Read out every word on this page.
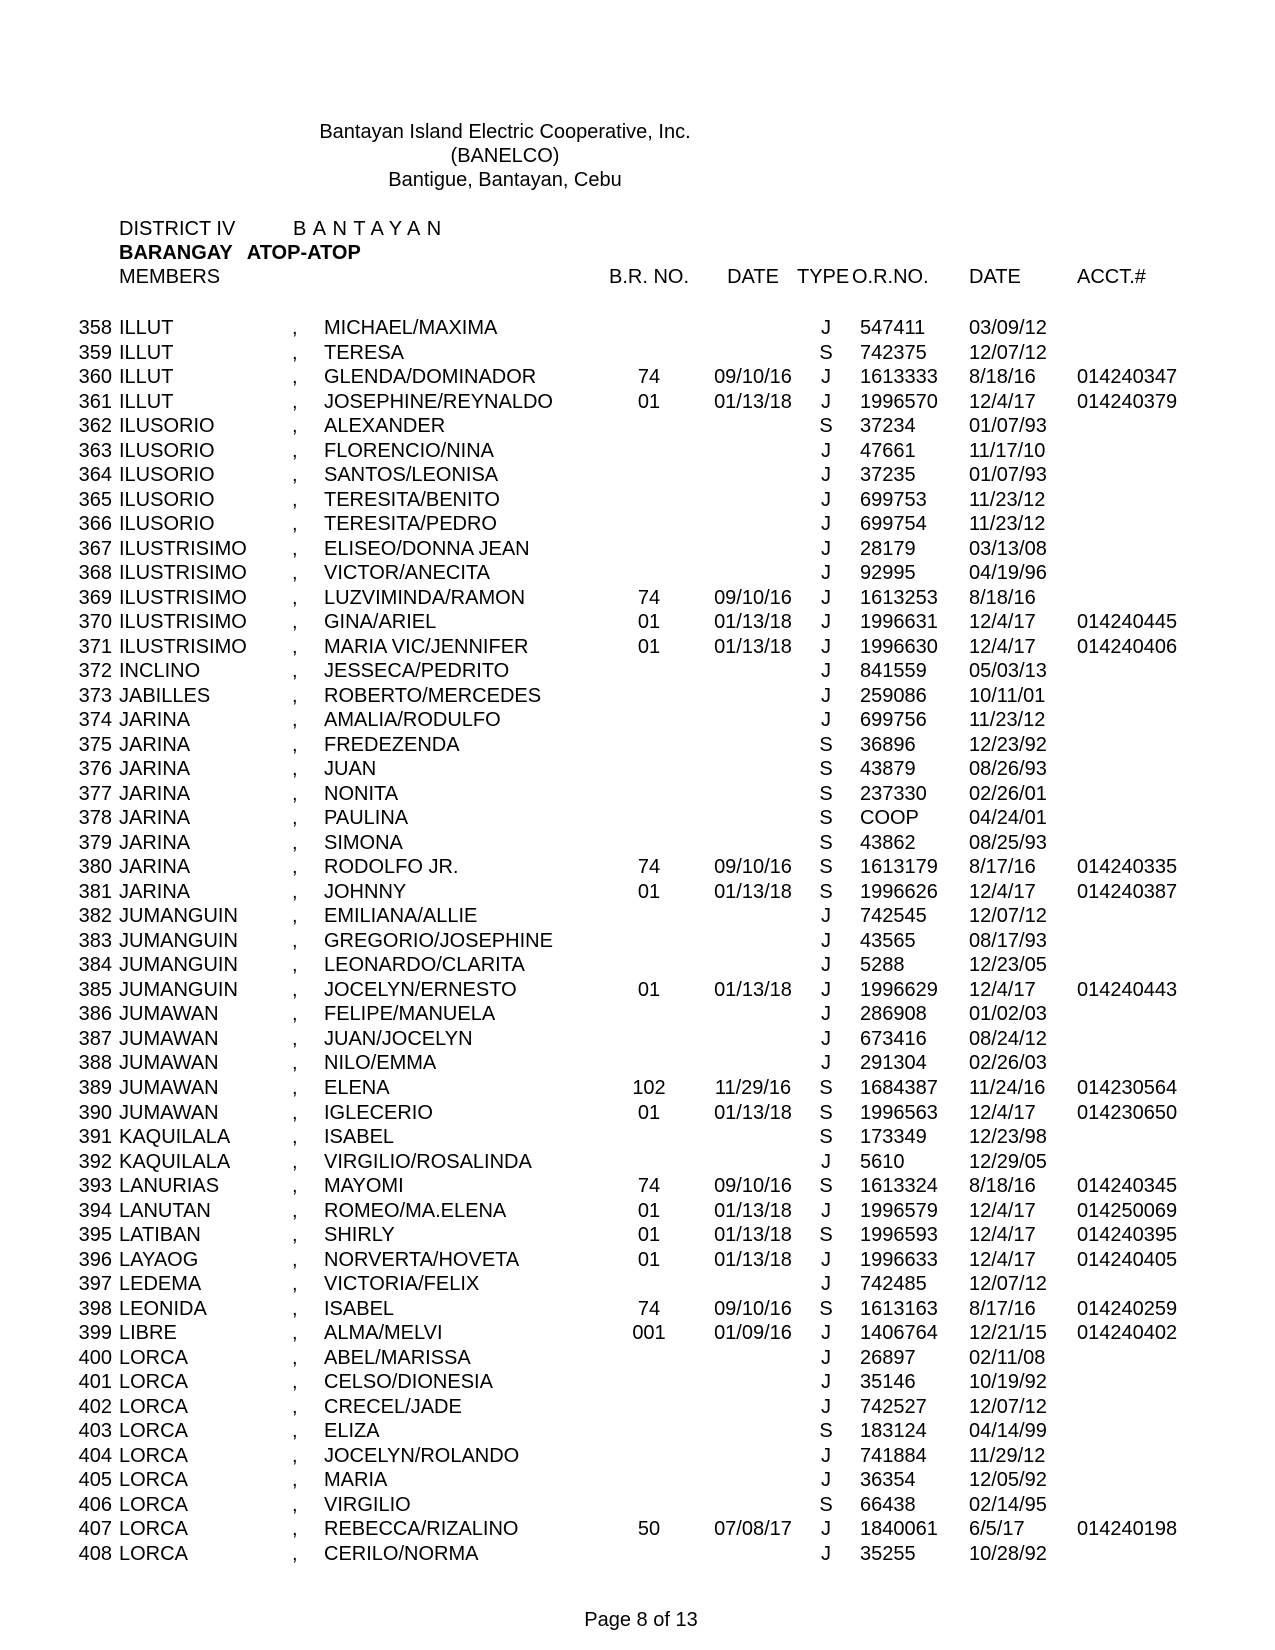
Bantayan Island Electric Cooperative, Inc.
(BANELCO)
Bantigue, Bantayan, Cebu
DISTRICT IV	BANTAYAN
BARANGAY ATOP-ATOP
MEMBERS	B.R. NO.	DATE TYPE O.R.NO. DATE	ACCT.#
358 ILLUT	, MICHAEL/MAXIMA	J	547411 03/09/12
359 ILLUT	, TERESA	S	742375 12/07/12
360 ILLUT	, GLENDA/DOMINADOR	74	09/10/16	J	1613333 8/18/16 014240347
361 ILLUT	, JOSEPHINE/REYNALDO	01	01/13/18	J	1996570 12/4/17 014240379
362 ILUSORIO	, ALEXANDER	S	37234	01/07/93
363 ILUSORIO	, FLORENCIO/NINA	J	47661	11/17/10
364 ILUSORIO	, SANTOS/LEONISA	J	37235	01/07/93
365 ILUSORIO	, TERESITA/BENITO	J	699753 11/23/12
366 ILUSORIO	, TERESITA/PEDRO	J	699754 11/23/12
367 ILUSTRISIMO , ELISEO/DONNA JEAN	J	28179	03/13/08
368 ILUSTRISIMO , VICTOR/ANECITA	J	92995	04/19/96
369 ILUSTRISIMO , LUZVIMINDA/RAMON	74	09/10/16	J	1613253 8/18/16
370 ILUSTRISIMO , GINA/ARIEL	01	01/13/18	J	1996631 12/4/17 014240445
371 ILUSTRISIMO , MARIA VIC/JENNIFER	01	01/13/18	J	1996630 12/4/17 014240406
372 INCLINO	, JESSECA/PEDRITO	J	841559 05/03/13
373 JABILLES	, ROBERTO/MERCEDES	J	259086 10/11/01
374 JARINA	, AMALIA/RODULFO	J	699756 11/23/12
375 JARINA	, FREDEZENDA	S	36896	12/23/92
376 JARINA	, JUAN	S	43879	08/26/93
377 JARINA	, NONITA	S	237330 02/26/01
378 JARINA	, PAULINA	S	COOP	04/24/01
379 JARINA	, SIMONA	S	43862	08/25/93
380 JARINA	, RODOLFO JR.	74	09/10/16	S	1613179 8/17/16 014240335
381 JARINA	, JOHNNY	01	01/13/18	S	1996626 12/4/17 014240387
382 JUMANGUIN	, EMILIANA/ALLIE	J	742545 12/07/12
383 JUMANGUIN	, GREGORIO/JOSEPHINE	J	43565	08/17/93
384 JUMANGUIN	, LEONARDO/CLARITA	J	5288	12/23/05
385 JUMANGUIN	, JOCELYN/ERNESTO	01	01/13/18	J	1996629 12/4/17 014240443
386 JUMAWAN	, FELIPE/MANUELA	J	286908 01/02/03
387 JUMAWAN	, JUAN/JOCELYN	J	673416 08/24/12
388 JUMAWAN	, NILO/EMMA	J	291304 02/26/03
389 JUMAWAN	, ELENA	102	11/29/16	S	1684387 11/24/16 014230564
390 JUMAWAN	, IGLECERIO	01	01/13/18	S	1996563 12/4/17 014230650
391 KAQUILALA	, ISABEL	S	173349 12/23/98
392 KAQUILALA	, VIRGILIO/ROSALINDA	J	5610	12/29/05
393 LANURIAS	, MAYOMI	74	09/10/16	S	1613324 8/18/16 014240345
394 LANUTAN	, ROMEO/MA.ELENA	01	01/13/18	J	1996579 12/4/17 014250069
395 LATIBAN	, SHIRLY	01	01/13/18	S	1996593 12/4/17 014240395
396 LAYAOG	, NORVERTA/HOVETA	01	01/13/18	J	1996633 12/4/17 014240405
397 LEDEMA	, VICTORIA/FELIX	J	742485 12/07/12
398 LEONIDA	, ISABEL	74	09/10/16	S	1613163 8/17/16 014240259
399 LIBRE	, ALMA/MELVI	001	01/09/16	J	1406764 12/21/15 014240402
400 LORCA	, ABEL/MARISSA	J	26897	02/11/08
401 LORCA	, CELSO/DIONESIA	J	35146	10/19/92
402 LORCA	, CRECEL/JADE	J	742527 12/07/12
403 LORCA	, ELIZA	S	183124 04/14/99
404 LORCA	, JOCELYN/ROLANDO	J	741884 11/29/12
405 LORCA	, MARIA	J	36354	12/05/92
406 LORCA	, VIRGILIO	S	66438	02/14/95
407 LORCA	, REBECCA/RIZALINO	50	07/08/17	J	1840061 6/5/17	014240198
408 LORCA	, CERILO/NORMA	J	35255	10/28/92
Page 8 of 13
